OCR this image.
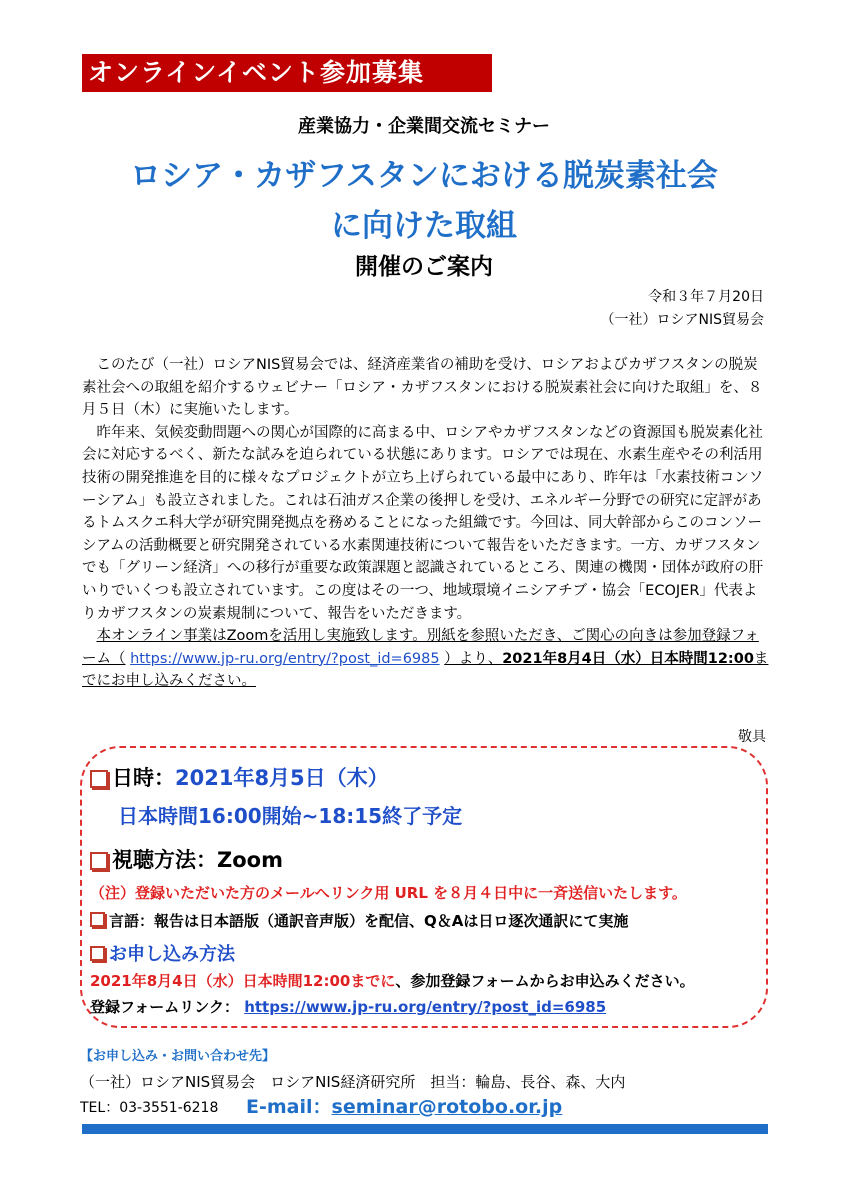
オンラインイベント参加募集
産業協力・企業間交流セミナー
ロシア・カザフスタンにおける脱炭素社会
に向けた取組
開催のご案内
令和３年７月20日
（一社）ロシアNIS貿易会

このたび（一社）ロシアNIS貿易会では、経済産業省の補助を受け、ロシアおよびカザフスタンの脱炭素社会への取組を紹介するウェビナー「ロシア・カザフスタンにおける脱炭素社会に向けた取組」を、８月５日（木）に実施いたします。

昨年来、気候変動問題への関心が国際的に高まる中、ロシアやカザフスタンなどの資源国も脱炭素化社会に対応するべく、新たな試みを迫られている状態にあります。ロシアでは現在、水素生産やその利活用技術の開発推進を目的に様々なプロジェクトが立ち上げられている最中にあり、昨年は「水素技術コンソーシアム」も設立されました。これは石油ガス企業の後押しを受け、エネルギー分野での研究に定評があるトムスクエ科大学が研究開発拠点を務めることになった組織です。今回は、同大幹部からこのコンソーシアムの活動概要と研究開発されている水素関連技術について報告をいただきます。一方、カザフスタンでも「グリーン経済」への移行が重要な政策課題と認識されているところ、関連の機関・団体が政府の肝いりでいくつも設立されています。この度はその一つ、地域環境イニシアチブ・協会「ECOJER」代表よりカザフスタンの炭素規制について、報告をいただきます。

本オンライン事業はZoomを活用し実施致します。別紙を参照いただき、ご関心の向きは参加登録フォーム（ https://www.jp-ru.org/entry/?post_id=6985 ）より、2021年8月4日（水）日本時間12:00までにお申し込みください。

敬具
日時：2021年8月5日（木）
日本時間16:00開始~18:15終了予定
視聴方法：Zoom
（注）登録いただいた方のメールへリンク用 URL を８月４日中に一斉送信いたします。
言語：報告は日本語版（通訳音声版）を配信、Q＆Aは日ロ逐次通訳にて実施
お申し込み方法
2021年8月4日（水）日本時間12:00までに、参加登録フォームからお申込みください。
登録フォームリンク： https://www.jp-ru.org/entry/?post_id=6985
【お申し込み・お問い合わせ先】
（一社）ロシアNIS貿易会　ロシアNIS経済研究所　担当：輪島、長谷、森、大内
TEL：03-3551-6218 E-mail：seminar@rotobo.or.jp
